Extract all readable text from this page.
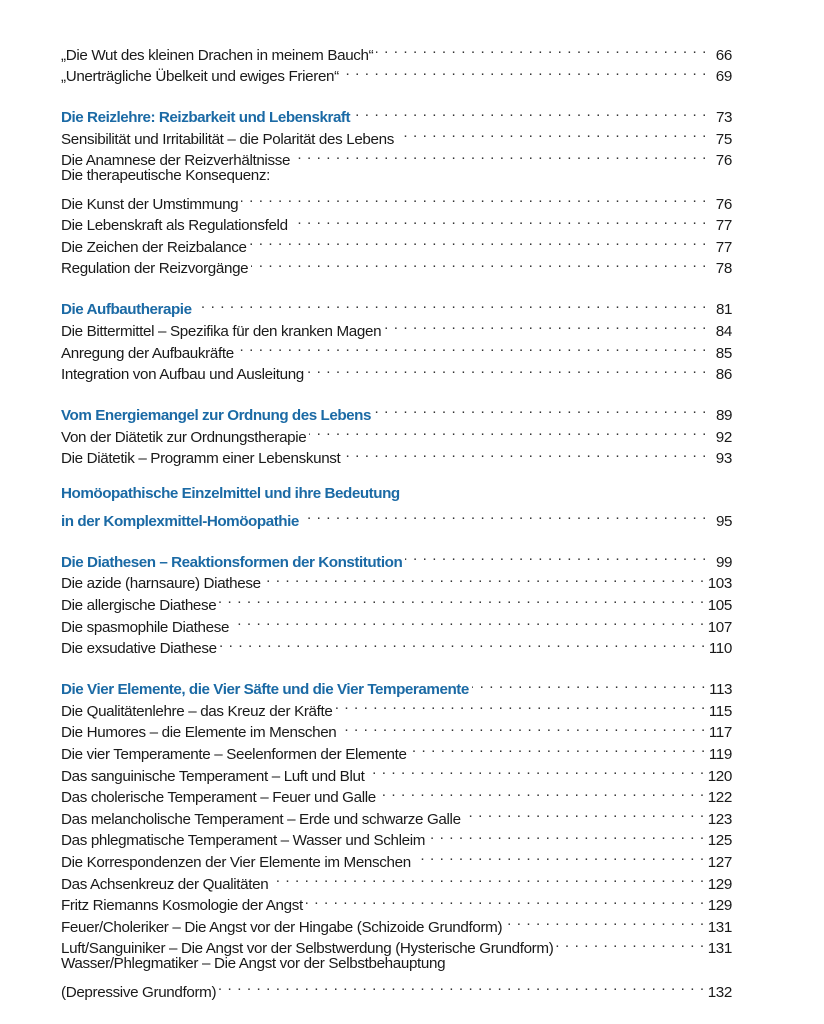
„Die Wut des kleinen Drachen in meinem Bauch“ . . .	66
„Unerträgliche Übelkeit und ewiges Frieren“ . . .	69
Die Reizlehre: Reizbarkeit und Lebenskraft . . .	73
Sensibilität und Irritabilität – die Polarität des Lebens . . .	75
Die Anamnese der Reizverhältnisse . . .	76
Die therapeutische Konsequenz:
Die Kunst der Umstimmung . . .	76
Die Lebenskraft als Regulationsfeld . . .	77
Die Zeichen der Reizbalance . . .	77
Regulation der Reizvorgänge . . .	78
Die Aufbautherapie . . .	81
Die Bittermittel – Spezifika für den kranken Magen . . .	84
Anregung der Aufbaukräfte . . .	85
Integration von Aufbau und Ausleitung . . .	86
Vom Energiemangel zur Ordnung des Lebens . . .	89
Von der Diätetik zur Ordnungstherapie . . .	92
Die Diätetik – Programm einer Lebenskunst . . .	93
Homöopathische Einzelmittel und ihre Bedeutung
in der Komplexmittel-Homöopathie . . .	95
Die Diathesen – Reaktionsformen der Konstitution . . .	99
Die azide (harnsaure) Diathese . . .	103
Die allergische Diathese . . .	105
Die spasmophile Diathese . . .	107
Die exsudative Diathese . . .	110
Die Vier Elemente, die Vier Säfte und die Vier Temperamente . . .	113
Die Qualitätenlehre – das Kreuz der Kräfte . . .	115
Die Humores – die Elemente im Menschen . . .	117
Die vier Temperamente – Seelenformen der Elemente . . .	119
Das sanguinische Temperament – Luft und Blut . . .	120
Das cholerische Temperament – Feuer und Galle . . .	122
Das melancholische Temperament – Erde und schwarze Galle . . .	123
Das phlegmatische Temperament – Wasser und Schleim . . .	125
Die Korrespondenzen der Vier Elemente im Menschen . . .	127
Das Achsenkreuz der Qualitäten . . .	129
Fritz Riemanns Kosmologie der Angst . . .	129
Feuer/Choleriker – Die Angst vor der Hingabe (Schizoide Grundform) . . .	131
Luft/Sanguiniker – Die Angst vor der Selbstwerdung (Hysterische Grundform) . . .	131
Wasser/Phlegmatiker – Die Angst vor der Selbstbehauptung
(Depressive Grundform) . . .	132
